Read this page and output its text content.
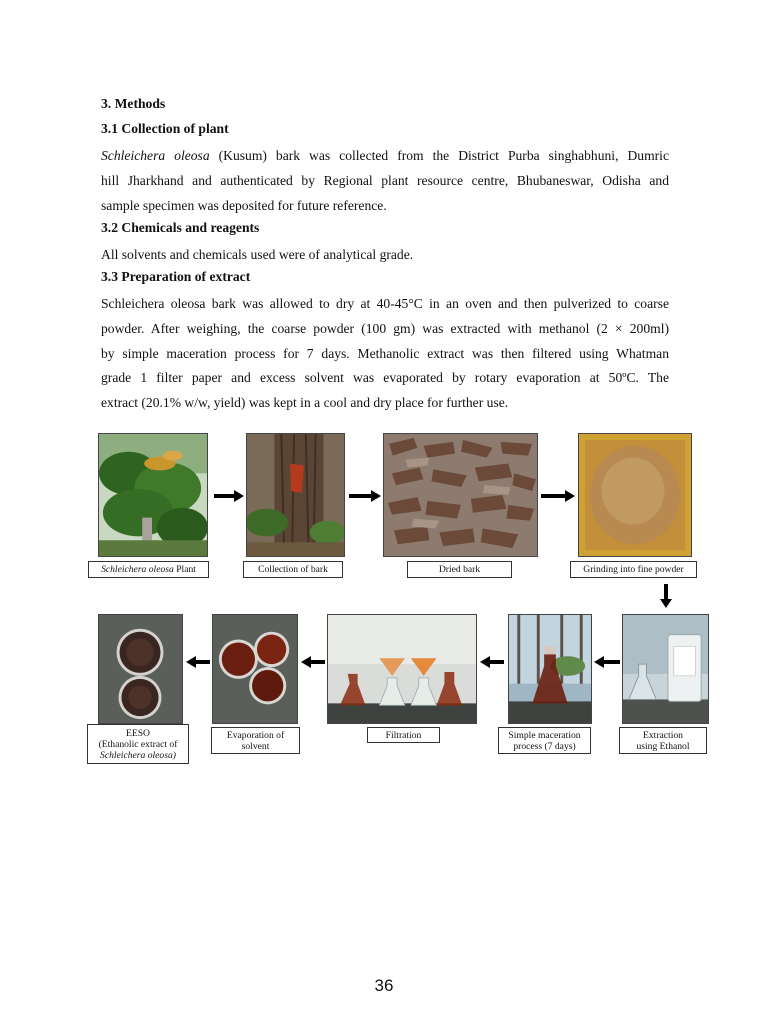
3. Methods
3.1 Collection of plant
Schleichera oleosa (Kusum) bark was collected from the District Purba singhabhuni, Dumric
hill Jharkhand and authenticated by Regional plant resource centre, Bhubaneswar, Odisha and
sample specimen was deposited for future reference.
3.2 Chemicals and reagents
All solvents and chemicals used were of analytical grade.
3.3 Preparation of extract
Schleichera oleosa bark was allowed to dry at 40-45°C in an oven and then pulverized to coarse
powder. After weighing, the coarse powder (100 gm) was extracted with methanol (2 × 200ml)
by simple maceration process for 7 days. Methanolic extract was then filtered using Whatman
grade 1 filter paper and excess solvent was evaporated by rotary evaporation at 50ºC. The
extract (20.1% w/w, yield) was kept in a cool and dry place for further use.
Schleichera oleosa Plant	Collection of bark	Dried bark	Grinding into fine powder
Extraction
using Ethanol
Simple maceration
process (7 days)
Filtration
Evaporation of
solvent
EESO
(Ethanolic extract of
Schleichera oleosa)
36
